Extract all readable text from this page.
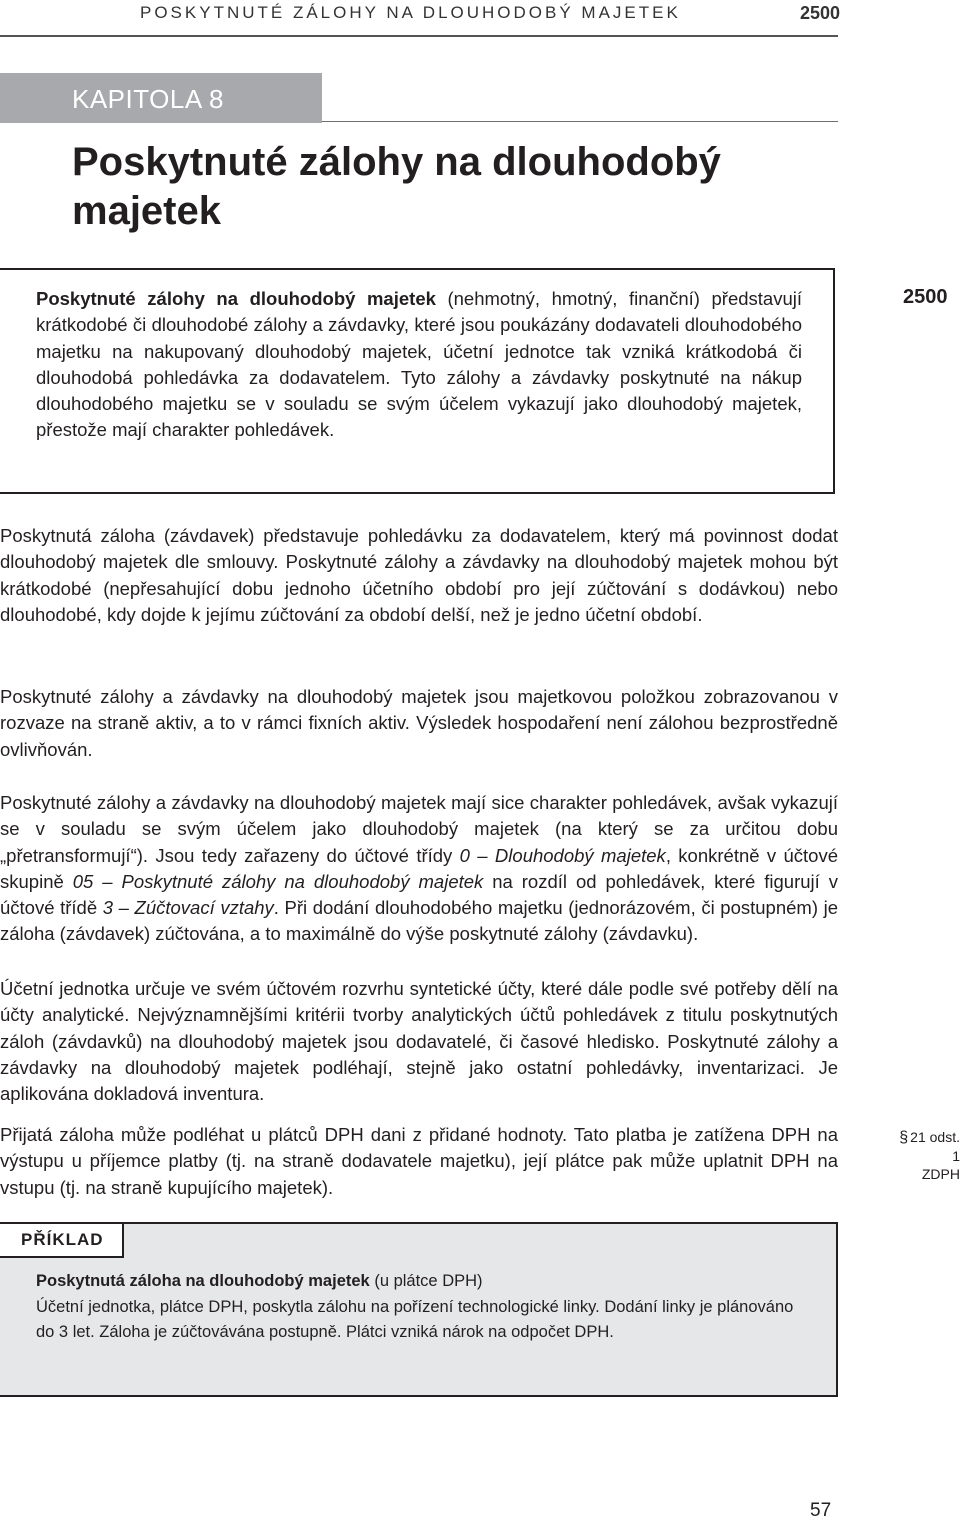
POSKYTNUTÉ ZÁLOHY NA DLOUHODOBÝ MAJETEK	2500
KAPITOLA 8
Poskytnuté zálohy na dlouhodobý majetek
Poskytnuté zálohy na dlouhodobý majetek (nehmotný, hmotný, finanční) představují krátkodobé či dlouhodobé zálohy a závdavky, které jsou poukázány dodavateli dlouhodobého majetku na nakupovaný dlouhodobý majetek, účetní jednotce tak vzniká krátkodobá či dlouhodobá pohledávka za dodavatelem. Tyto zálohy a závdavky poskytnuté na nákup dlouhodobého majetku se v souladu se svým účelem vykazují jako dlouhodobý majetek, přestože mají charakter pohledávek.
2500

Poskytnutá záloha (závdavek) představuje pohledávku za dodavatelem, který má povinnost dodat dlouhodobý majetek dle smlouvy. Poskytnuté zálohy a závdavky na dlouhodobý majetek mohou být krátkodobé (nepřesahující dobu jednoho účetního období pro její zúčtování s dodávkou) nebo dlouhodobé, kdy dojde k jejímu zúčtování za období delší, než je jedno účetní období.

Poskytnuté zálohy a závdavky na dlouhodobý majetek jsou majetkovou položkou zobrazovanou v rozvaze na straně aktiv, a to v rámci fixních aktiv. Výsledek hospodaření není zálohou bezprostředně ovlivňován.

Poskytnuté zálohy a závdavky na dlouhodobý majetek mají sice charakter pohledávek, avšak vykazují se v souladu se svým účelem jako dlouhodobý majetek (na který se za určitou dobu „přetransformují“). Jsou tedy zařazeny do účtové třídy 0 – Dlouhodobý majetek, konkrétně v účtové skupině 05 – Poskytnuté zálohy na dlouhodobý majetek na rozdíl od pohledávek, které figurují v účtové třídě 3 – Zúčtovací vztahy. Při dodání dlouhodobého majetku (jednorázovém, či postupném) je záloha (závdavek) zúčtována, a to maximálně do výše poskytnuté zálohy (závdavku).

Účetní jednotka určuje ve svém účtovém rozvrhu syntetické účty, které dále podle své potřeby dělí na účty analytické. Nejvýznamnějšími kritérii tvorby analytických účtů pohledávek z titulu poskytnutých záloh (závdavků) na dlouhodobý majetek jsou dodavatelé, či časové hledisko. Poskytnuté zálohy a závdavky na dlouhodobý majetek podléhají, stejně jako ostatní pohledávky, inventarizaci. Je aplikována dokladová inventura.

Přijatá záloha může podléhat u plátců DPH dani z přidané hodnoty. Tato platba je zatížena DPH na výstupu u příjemce platby (tj. na straně dodavatele majetku), její plátce pak může uplatnit DPH na vstupu (tj. na straně kupujícího majetek).

§ 21 odst. 1
ZDPH
PŘÍKLAD
Poskytnutá záloha na dlouhodobý majetek (u plátce DPH)
Účetní jednotka, plátce DPH, poskytla zálohu na pořízení technologické linky. Dodání linky je plánováno do 3 let. Záloha je zúčtovávána postupně. Plátci vzniká nárok na odpočet DPH.
57
